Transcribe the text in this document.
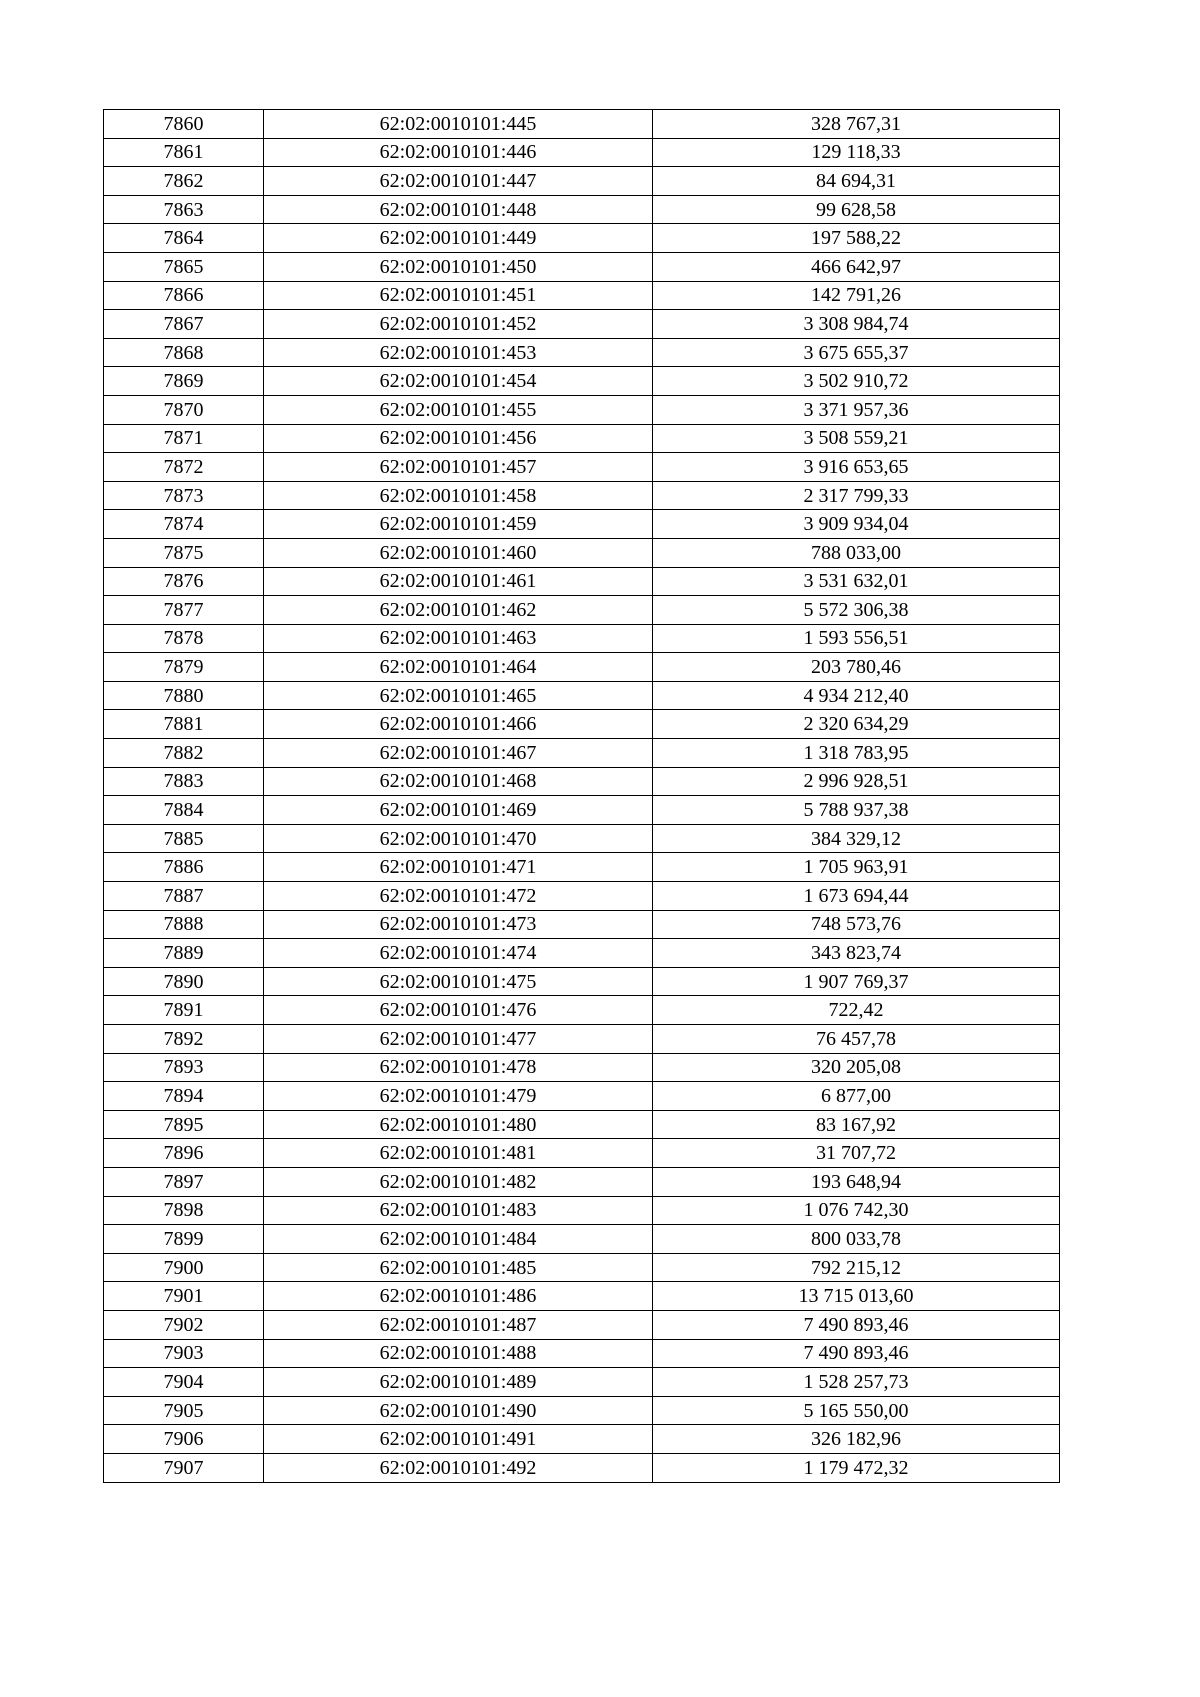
7860	62:02:0010101:445	328 767,31
7861	62:02:0010101:446	129 118,33
7862	62:02:0010101:447	84 694,31
7863	62:02:0010101:448	99 628,58
7864	62:02:0010101:449	197 588,22
7865	62:02:0010101:450	466 642,97
7866	62:02:0010101:451	142 791,26
7867	62:02:0010101:452	3 308 984,74
7868	62:02:0010101:453	3 675 655,37
7869	62:02:0010101:454	3 502 910,72
7870	62:02:0010101:455	3 371 957,36
7871	62:02:0010101:456	3 508 559,21
7872	62:02:0010101:457	3 916 653,65
7873	62:02:0010101:458	2 317 799,33
7874	62:02:0010101:459	3 909 934,04
7875	62:02:0010101:460	788 033,00
7876	62:02:0010101:461	3 531 632,01
7877	62:02:0010101:462	5 572 306,38
7878	62:02:0010101:463	1 593 556,51
7879	62:02:0010101:464	203 780,46
7880	62:02:0010101:465	4 934 212,40
7881	62:02:0010101:466	2 320 634,29
7882	62:02:0010101:467	1 318 783,95
7883	62:02:0010101:468	2 996 928,51
7884	62:02:0010101:469	5 788 937,38
7885	62:02:0010101:470	384 329,12
7886	62:02:0010101:471	1 705 963,91
7887	62:02:0010101:472	1 673 694,44
7888	62:02:0010101:473	748 573,76
7889	62:02:0010101:474	343 823,74
7890	62:02:0010101:475	1 907 769,37
7891	62:02:0010101:476	722,42
7892	62:02:0010101:477	76 457,78
7893	62:02:0010101:478	320 205,08
7894	62:02:0010101:479	6 877,00
7895	62:02:0010101:480	83 167,92
7896	62:02:0010101:481	31 707,72
7897	62:02:0010101:482	193 648,94
7898	62:02:0010101:483	1 076 742,30
7899	62:02:0010101:484	800 033,78
7900	62:02:0010101:485	792 215,12
7901	62:02:0010101:486	13 715 013,60
7902	62:02:0010101:487	7 490 893,46
7903	62:02:0010101:488	7 490 893,46
7904	62:02:0010101:489	1 528 257,73
7905	62:02:0010101:490	5 165 550,00
7906	62:02:0010101:491	326 182,96
7907	62:02:0010101:492	1 179 472,32
